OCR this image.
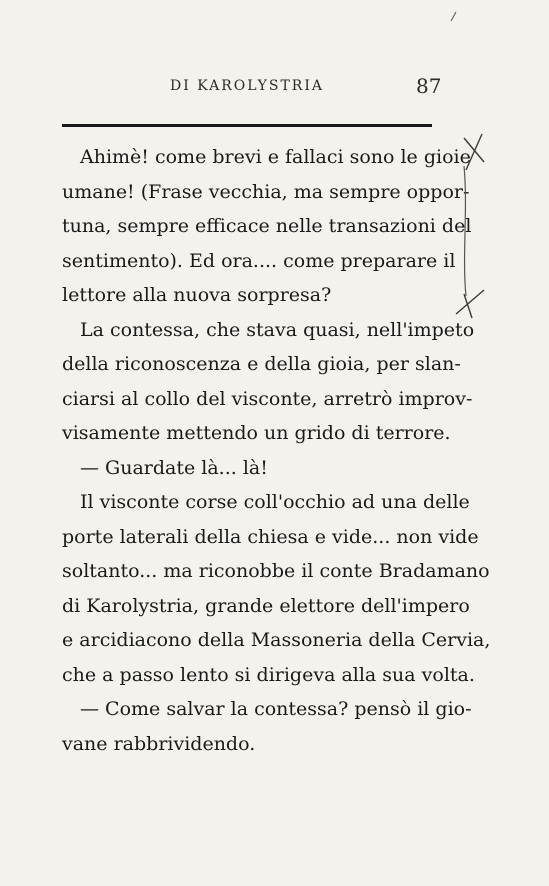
DI KAROLYSTRIA	87
Ahimè! come brevi e fallaci sono le gioie
umane! (Frase vecchia, ma sempre oppor-
tuna, sempre efficace nelle transazioni del
sentimento). Ed ora.... come preparare il
lettore alla nuova sorpresa?
La contessa, che stava quasi, nell'impeto
della riconoscenza e della gioia, per slan-
ciarsi al collo del visconte, arretrò improv-
visamente mettendo un grido di terrore.
— Guardate là... là!
Il visconte corse coll'occhio ad una delle
porte laterali della chiesa e vide... non vide
soltanto... ma riconobbe il conte Bradamano
di Karolystria, grande elettore dell'impero
e arcidiacono della Massoneria della Cervia,
che a passo lento si dirigeva alla sua volta.
— Come salvar la contessa? pensò il gio-
vane rabbrividendo.
